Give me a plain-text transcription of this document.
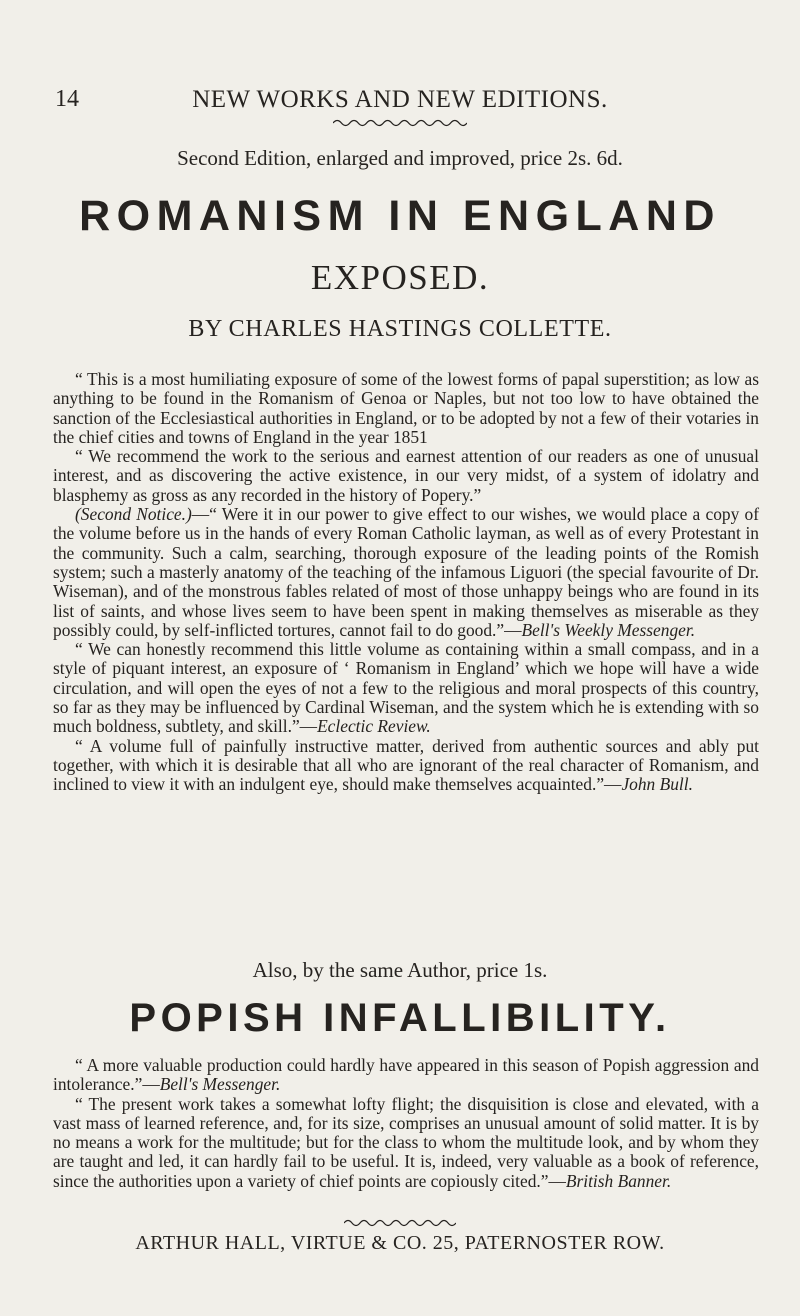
14	NEW WORKS AND NEW EDITIONS.
Second Edition, enlarged and improved, price 2s. 6d.
ROMANISM IN ENGLAND
EXPOSED.
BY CHARLES HASTINGS COLLETTE.

“ This is a most humiliating exposure of some of the lowest forms of papal superstition; as low as anything to be found in the Romanism of Genoa or Naples, but not too low to have obtained the sanction of the Ecclesiastical authorities in England, or to be adopted by not a few of their votaries in the chief cities and towns of England in the year 1851

“ We recommend the work to the serious and earnest attention of our readers as one of unusual interest, and as discovering the active existence, in our very midst, of a system of idolatry and blasphemy as gross as any recorded in the history of Popery.”

(Second Notice.)—“ Were it in our power to give effect to our wishes, we would place a copy of the volume before us in the hands of every Roman Catholic layman, as well as of every Protestant in the community. Such a calm, searching, thorough exposure of the leading points of the Romish system; such a masterly anatomy of the teaching of the infamous Liguori (the special favourite of Dr. Wiseman), and of the monstrous fables related of most of those unhappy beings who are found in its list of saints, and whose lives seem to have been spent in making themselves as miserable as they possibly could, by self-inflicted tortures, cannot fail to do good.”—Bell's Weekly Messenger.

“ We can honestly recommend this little volume as containing within a small compass, and in a style of piquant interest, an exposure of ‘ Romanism in England’ which we hope will have a wide circulation, and will open the eyes of not a few to the religious and moral prospects of this country, so far as they may be influenced by Cardinal Wiseman, and the system which he is extending with so much boldness, subtlety, and skill.”—Eclectic Review.

“ A volume full of painfully instructive matter, derived from authentic sources and ably put together, with which it is desirable that all who are ignorant of the real character of Romanism, and inclined to view it with an indulgent eye, should make themselves acquainted.”—John Bull.

Also, by the same Author, price 1s.
POPISH INFALLIBILITY.

“ A more valuable production could hardly have appeared in this season of Popish aggression and intolerance.”—Bell's Messenger.

“ The present work takes a somewhat lofty flight; the disquisition is close and elevated, with a vast mass of learned reference, and, for its size, comprises an unusual amount of solid matter. It is by no means a work for the multitude; but for the class to whom the multitude look, and by whom they are taught and led, it can hardly fail to be useful. It is, indeed, very valuable as a book of reference, since the authorities upon a variety of chief points are copiously cited.”—British Banner.

ARTHUR HALL, VIRTUE & CO. 25, PATERNOSTER ROW.
